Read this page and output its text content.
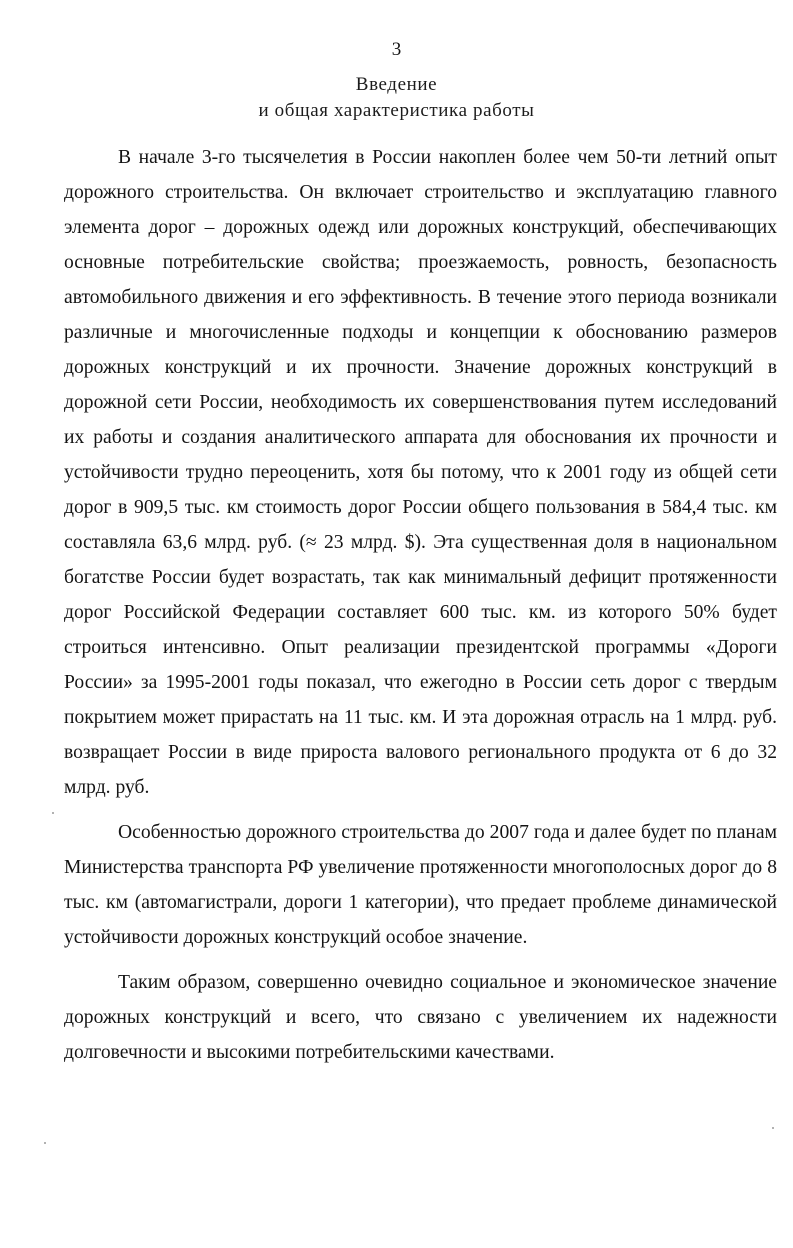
3
Введение
и общая характеристика работы

В начале 3-го тысячелетия в России накоплен более чем 50-ти летний опыт дорожного строительства. Он включает строительство и эксплуатацию главного элемента дорог – дорожных одежд или дорожных конструкций, обеспечивающих основные потребительские свойства; проезжаемость, ровность, безопасность автомобильного движения и его эффективность. В течение этого периода возникали различные и многочисленные подходы и концепции к обоснованию размеров дорожных конструкций и их прочности. Значение дорожных конструкций в дорожной сети России, необходимость их совершенствования путем исследований их работы и создания аналитического аппарата для обоснования их прочности и устойчивости трудно переоценить, хотя бы потому, что к 2001 году из общей сети дорог в 909,5 тыс. км стоимость дорог России общего пользования в 584,4 тыс. км составляла 63,6 млрд. руб. (≈ 23 млрд. $). Эта существенная доля в национальном богатстве России будет возрастать, так как минимальный дефицит протяженности дорог Российской Федерации составляет 600 тыс. км. из которого 50% будет строиться интенсивно. Опыт реализации президентской программы «Дороги России» за 1995-2001 годы показал, что ежегодно в России сеть дорог с твердым покрытием может прирастать на 11 тыс. км. И эта дорожная отрасль на 1 млрд. руб. возвращает России в виде прироста валового регионального продукта от 6 до 32 млрд. руб.

Особенностью дорожного строительства до 2007 года и далее будет по планам Министерства транспорта РФ увеличение протяженности многополосных дорог до 8 тыс. км (автомагистрали, дороги 1 категории), что предает проблеме динамической устойчивости дорожных конструкций особое значение.

Таким образом, совершенно очевидно социальное и экономическое значение дорожных конструкций и всего, что связано с увеличением их надежности долговечности и высокими потребительскими качествами.
